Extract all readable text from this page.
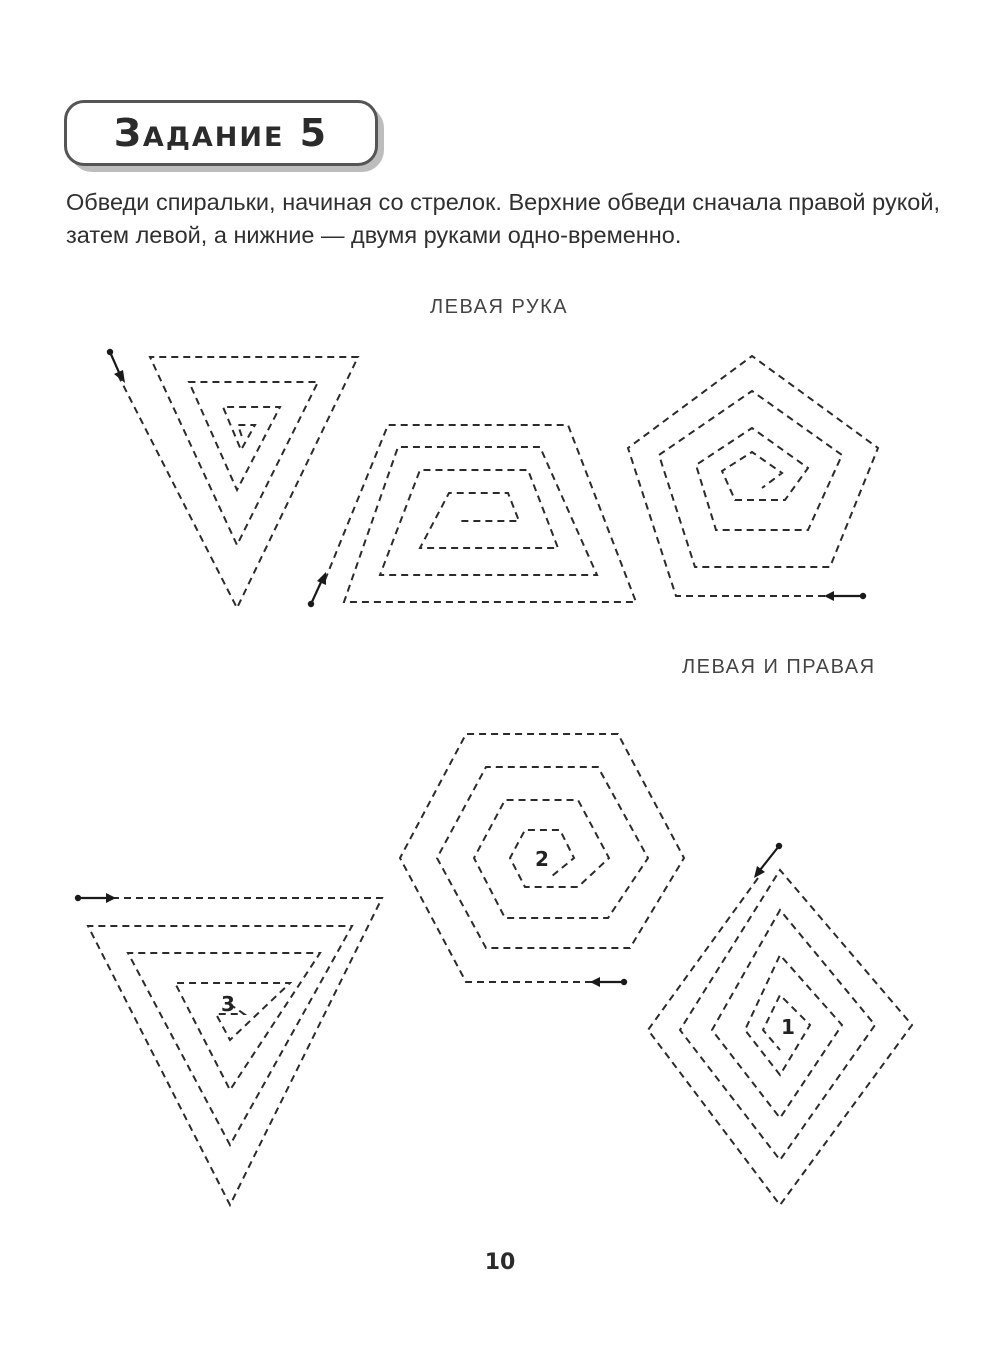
Задание 5
Обведи спиральки, начиная со стрелок. Верхние обведи сначала правой рукой, затем левой, а нижние — двумя руками одно-временно.
ЛЕВАЯ РУКА
ЛЕВАЯ И ПРАВАЯ
3
2
1
10
